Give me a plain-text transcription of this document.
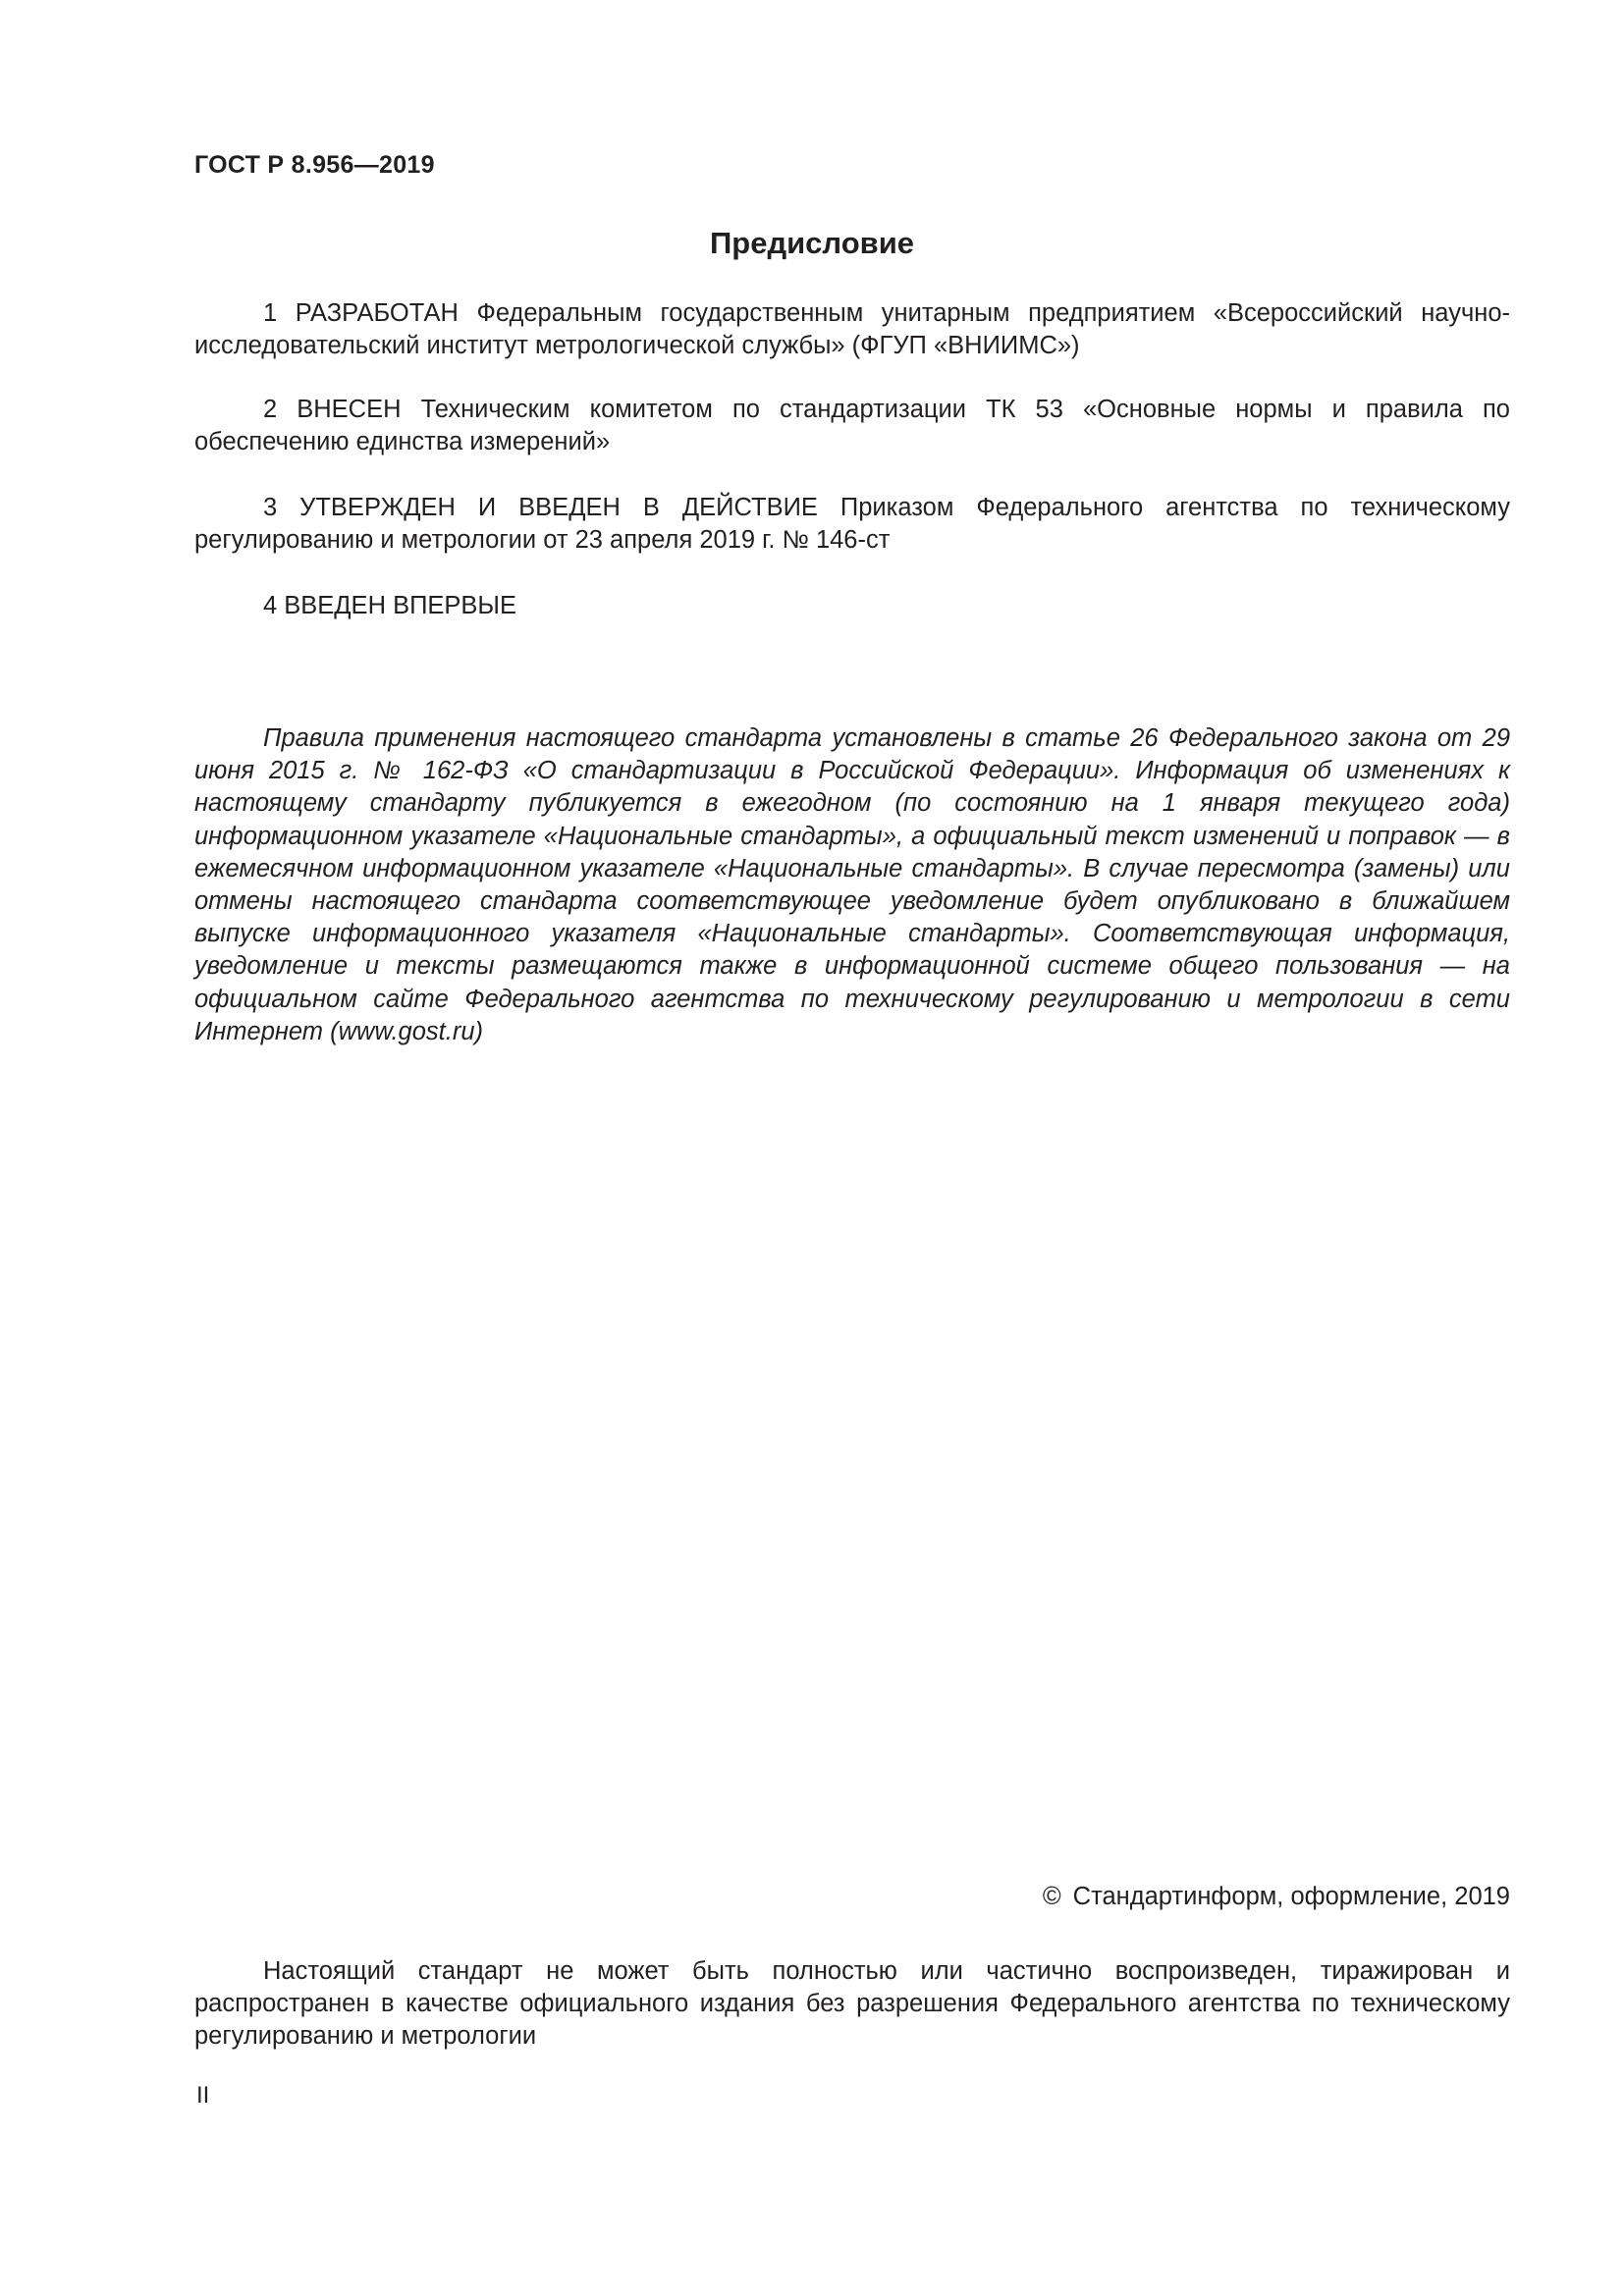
ГОСТ Р 8.956—2019
Предисловие

1 РАЗРАБОТАН Федеральным государственным унитарным предприятием «Всероссийский научно-исследовательский институт метрологической службы» (ФГУП «ВНИИМС»)

2 ВНЕСЕН Техническим комитетом по стандартизации ТК 53 «Основные нормы и правила по обеспечению единства измерений»

3 УТВЕРЖДЕН И ВВЕДЕН В ДЕЙСТВИЕ Приказом Федерального агентства по техническому регулированию и метрологии от 23 апреля 2019 г. № 146-ст

4 ВВЕДЕН ВПЕРВЫЕ

Правила применения настоящего стандарта установлены в статье 26 Федерального закона от 29 июня 2015 г. № 162-ФЗ «О стандартизации в Российской Федерации». Информация об изменениях к настоящему стандарту публикуется в ежегодном (по состоянию на 1 января текущего года) информационном указателе «Национальные стандарты», а официальный текст изменений и поправок — в ежемесячном информационном указателе «Национальные стандарты». В случае пересмотра (замены) или отмены настоящего стандарта соответствующее уведомление будет опубликовано в ближайшем выпуске информационного указателя «Национальные стандарты». Соответствующая информация, уведомление и тексты размещаются также в информационной системе общего пользования — на официальном сайте Федерального агентства по техническому регулированию и метрологии в сети Интернет (www.gost.ru)

© Стандартинформ, оформление, 2019

Настоящий стандарт не может быть полностью или частично воспроизведен, тиражирован и распространен в качестве официального издания без разрешения Федерального агентства по техническому регулированию и метрологии

II
